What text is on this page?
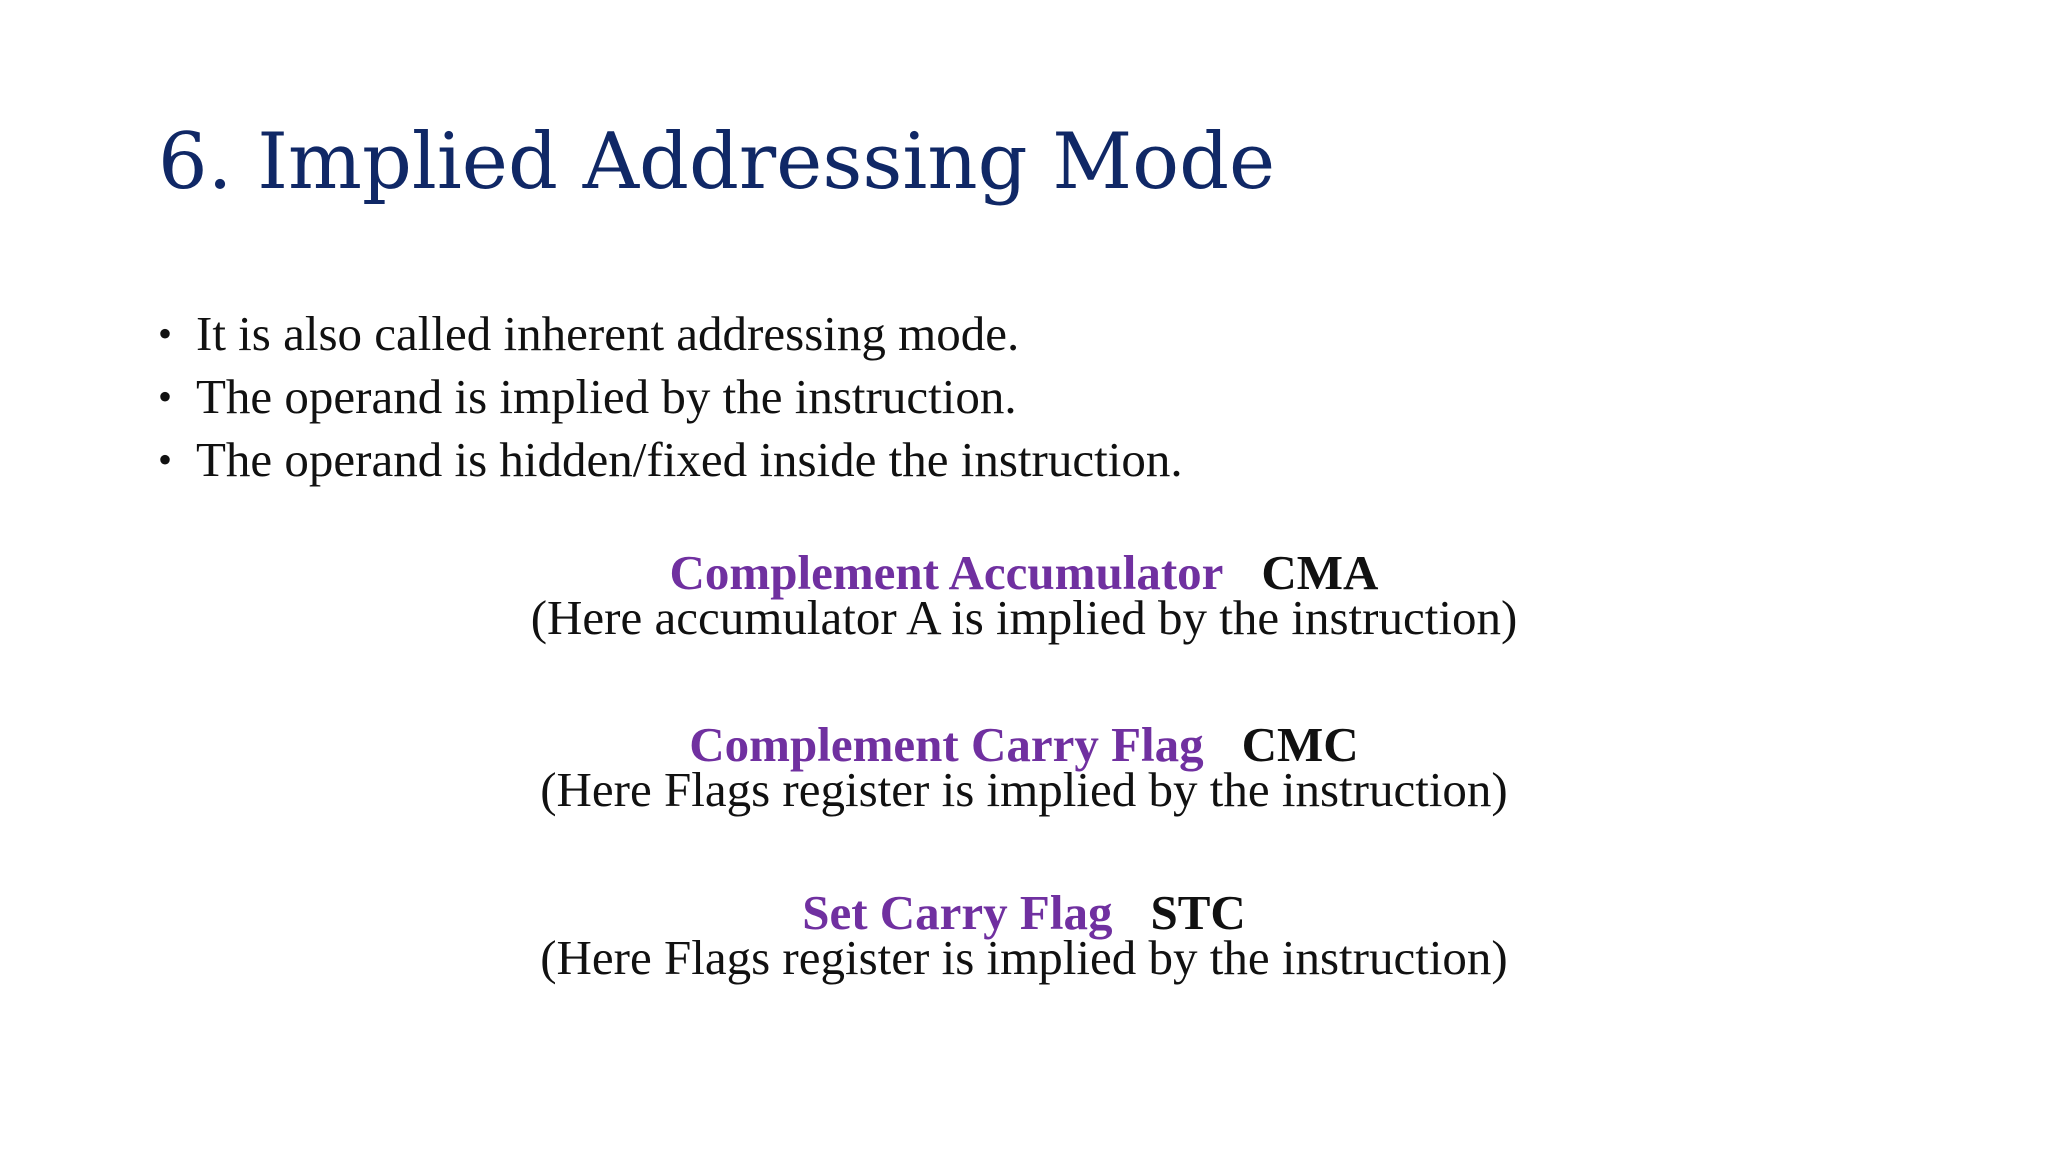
6. Implied Addressing Mode
• It is also called inherent addressing mode.
• The operand is implied by the instruction.
• The operand is hidden/fixed inside the instruction.
Complement Accumulator CMA
(Here accumulator A is implied by the instruction)
Complement Carry Flag CMC
(Here Flags register is implied by the instruction)
Set Carry Flag STC
(Here Flags register is implied by the instruction)
